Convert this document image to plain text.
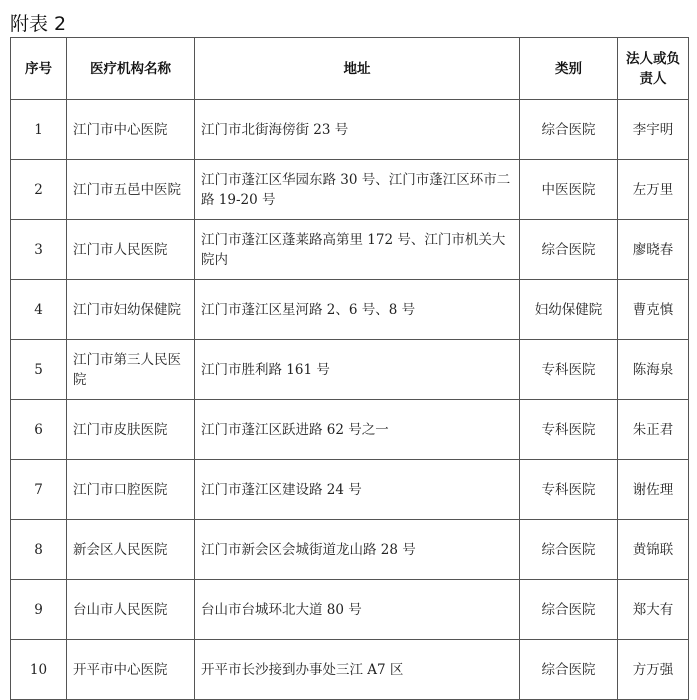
附表 2
序号	医疗机构名称	地址	类别	法人或负责人
1	江门市中心医院	江门市北街海傍街 23 号	综合医院	李宇明
2	江门市五邑中医院	江门市蓬江区华园东路 30 号、江门市蓬江区环市二路 19-20 号	中医医院	左万里
3	江门市人民医院	江门市蓬江区蓬莱路高第里 172 号、江门市机关大院内	综合医院	廖晓春
4	江门市妇幼保健院	江门市蓬江区星河路 2、6 号、8 号	妇幼保健院	曹克慎
5	江门市第三人民医院	江门市胜利路 161 号	专科医院	陈海泉
6	江门市皮肤医院	江门市蓬江区跃进路 62 号之一	专科医院	朱正君
7	江门市口腔医院	江门市蓬江区建设路 24 号	专科医院	谢佐理
8	新会区人民医院	江门市新会区会城街道龙山路 28 号	综合医院	黄锦联
9	台山市人民医院	台山市台城环北大道 80 号	综合医院	郑大有
10	开平市中心医院	开平市长沙接到办事处三江 A7 区	综合医院	方万强
